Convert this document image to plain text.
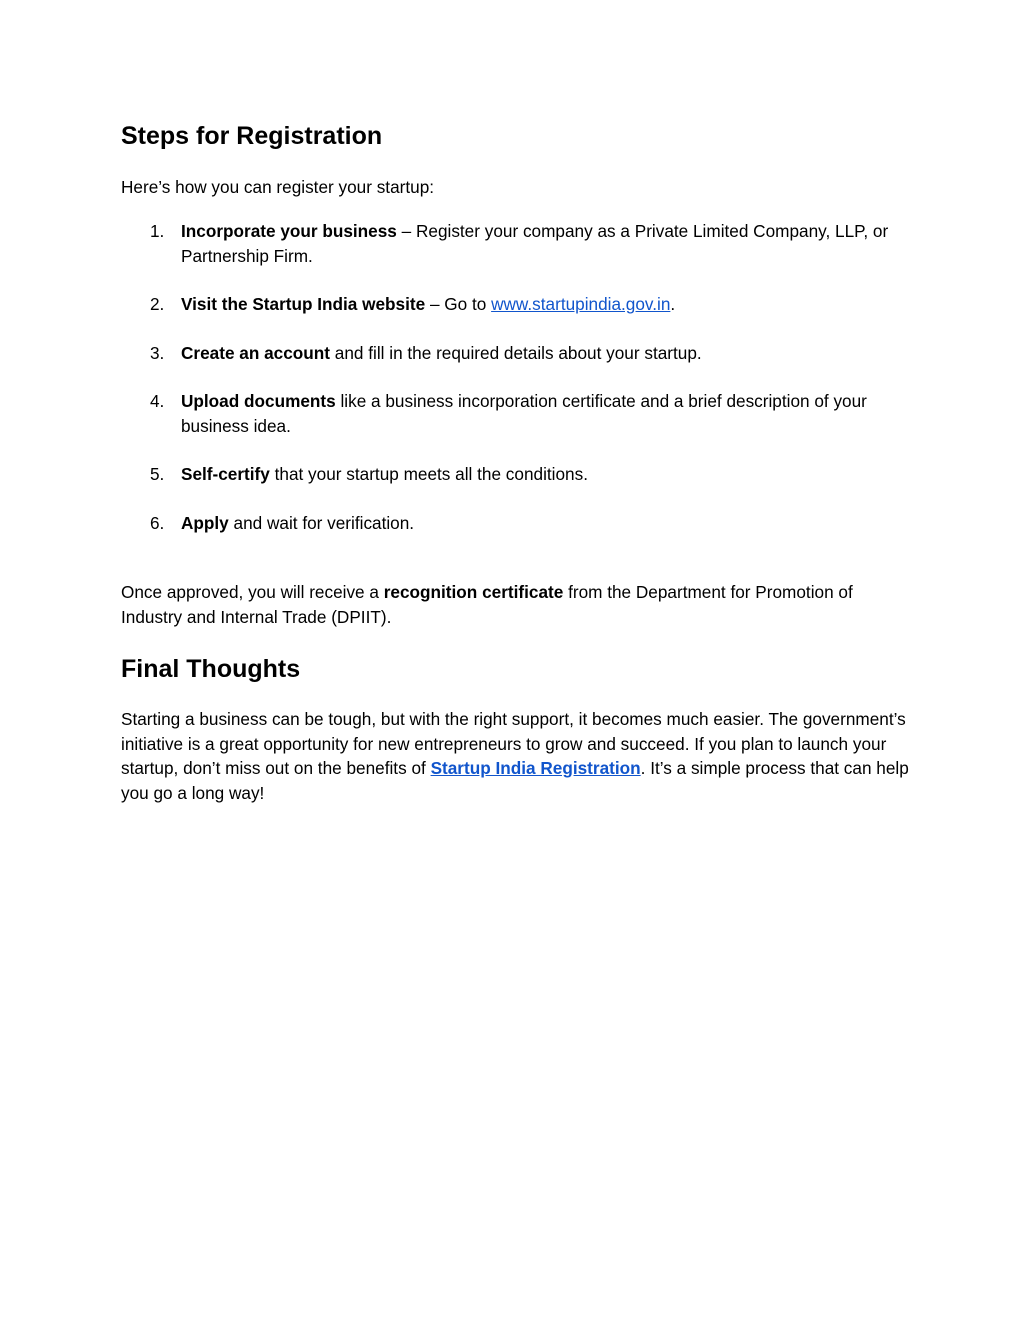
Steps for Registration

Here’s how you can register your startup:

1. Incorporate your business – Register your company as a Private Limited Company, LLP, or Partnership Firm.
2. Visit the Startup India website – Go to www.startupindia.gov.in.
3. Create an account and fill in the required details about your startup.
4. Upload documents like a business incorporation certificate and a brief description of your business idea.
5. Self-certify that your startup meets all the conditions.
6. Apply and wait for verification.

Once approved, you will receive a recognition certificate from the Department for Promotion of Industry and Internal Trade (DPIIT).

Final Thoughts

Starting a business can be tough, but with the right support, it becomes much easier. The government’s initiative is a great opportunity for new entrepreneurs to grow and succeed. If you plan to launch your startup, don’t miss out on the benefits of Startup India Registration. It’s a simple process that can help you go a long way!
